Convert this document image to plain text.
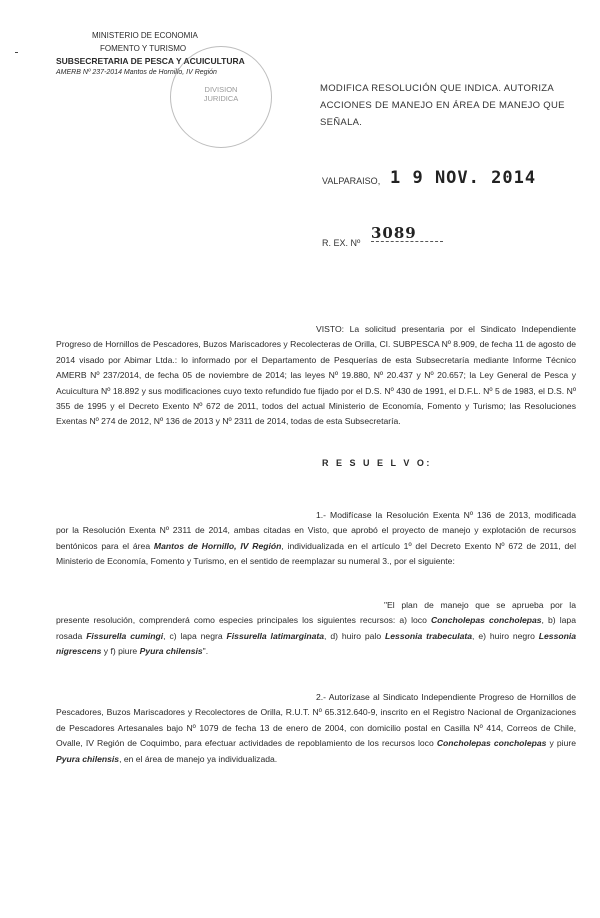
MINISTERIO DE ECONOMIA
FOMENTO Y TURISMO
SUBSECRETARIA DE PESCA Y ACUICULTURA
AMERB Nº 237-2014 Mantos de Hornillo, IV Región
DIVISION
JURIDICA
MODIFICA RESOLUCIÓN QUE INDICA. AUTORIZA ACCIONES DE MANEJO EN ÁREA DE MANEJO QUE SEÑALA.
VALPARAISO, 1 9 NOV. 2014
R. EX. Nº
3089
VISTO: La solicitud presentaria por el Sindicato Independiente Progreso de Hornillos de Pescadores, Buzos Mariscadores y Recolecteras de Orilla, CI. SUBPESCA Nº 8.909, de fecha 11 de agosto de 2014 visado por Abimar Ltda.: lo informado por el Departamento de Pesquerías de esta Subsecretaría mediante Informe Técnico AMERB Nº 237/2014, de fecha 05 de noviembre de 2014; las leyes Nº 19.880, Nº 20.437 y Nº 20.657; la Ley General de Pesca y Acuicultura Nº 18.892 y sus modificaciones cuyo texto refundido fue fijado por el D.S. Nº 430 de 1991, el D.F.L. Nº 5 de 1983, el D.S. Nº 355 de 1995 y el Decreto Exento Nº 672 de 2011, todos del actual Ministerio de Economía, Fomento y Turismo; las Resoluciones Exentas Nº 274 de 2012, Nº 136 de 2013 y Nº 2311 de 2014, todas de esta Subsecretaría.
R E S U E L V O:
1.- Modifícase la Resolución Exenta Nº 136 de 2013, modificada por la Resolución Exenta Nº 2311 de 2014, ambas citadas en Visto, que aprobó el proyecto de manejo y explotación de recursos bentónicos para el área Mantos de Hornillo, IV Región, individualizada en el artículo 1º del Decreto Exento Nº 672 de 2011, del Ministerio de Economía, Fomento y Turismo, en el sentido de reemplazar su numeral 3., por el siguiente:
"El plan de manejo que se aprueba por la presente resolución, comprenderá como especies principales los siguientes recursos: a) loco Concholepas concholepas, b) lapa rosada Fissurella cumingi, c) lapa negra Fissurella latimarginata, d) huiro palo Lessonia trabeculata, e) huiro negro Lessonia nigrescens y f) piure Pyura chilensis".
2.- Autorízase al Sindicato Independiente Progreso de Hornillos de Pescadores, Buzos Mariscadores y Recolectores de Orilla, R.U.T. Nº 65.312.640-9, inscrito en el Registro Nacional de Organizaciones de Pescadores Artesanales bajo Nº 1079 de fecha 13 de enero de 2004, con domicilio postal en Casilla Nº 414, Correos de Chile, Ovalle, IV Región de Coquimbo, para efectuar actividades de repoblamiento de los recursos loco Concholepas concholepas y piure Pyura chilensis, en el área de manejo ya individualizada.
